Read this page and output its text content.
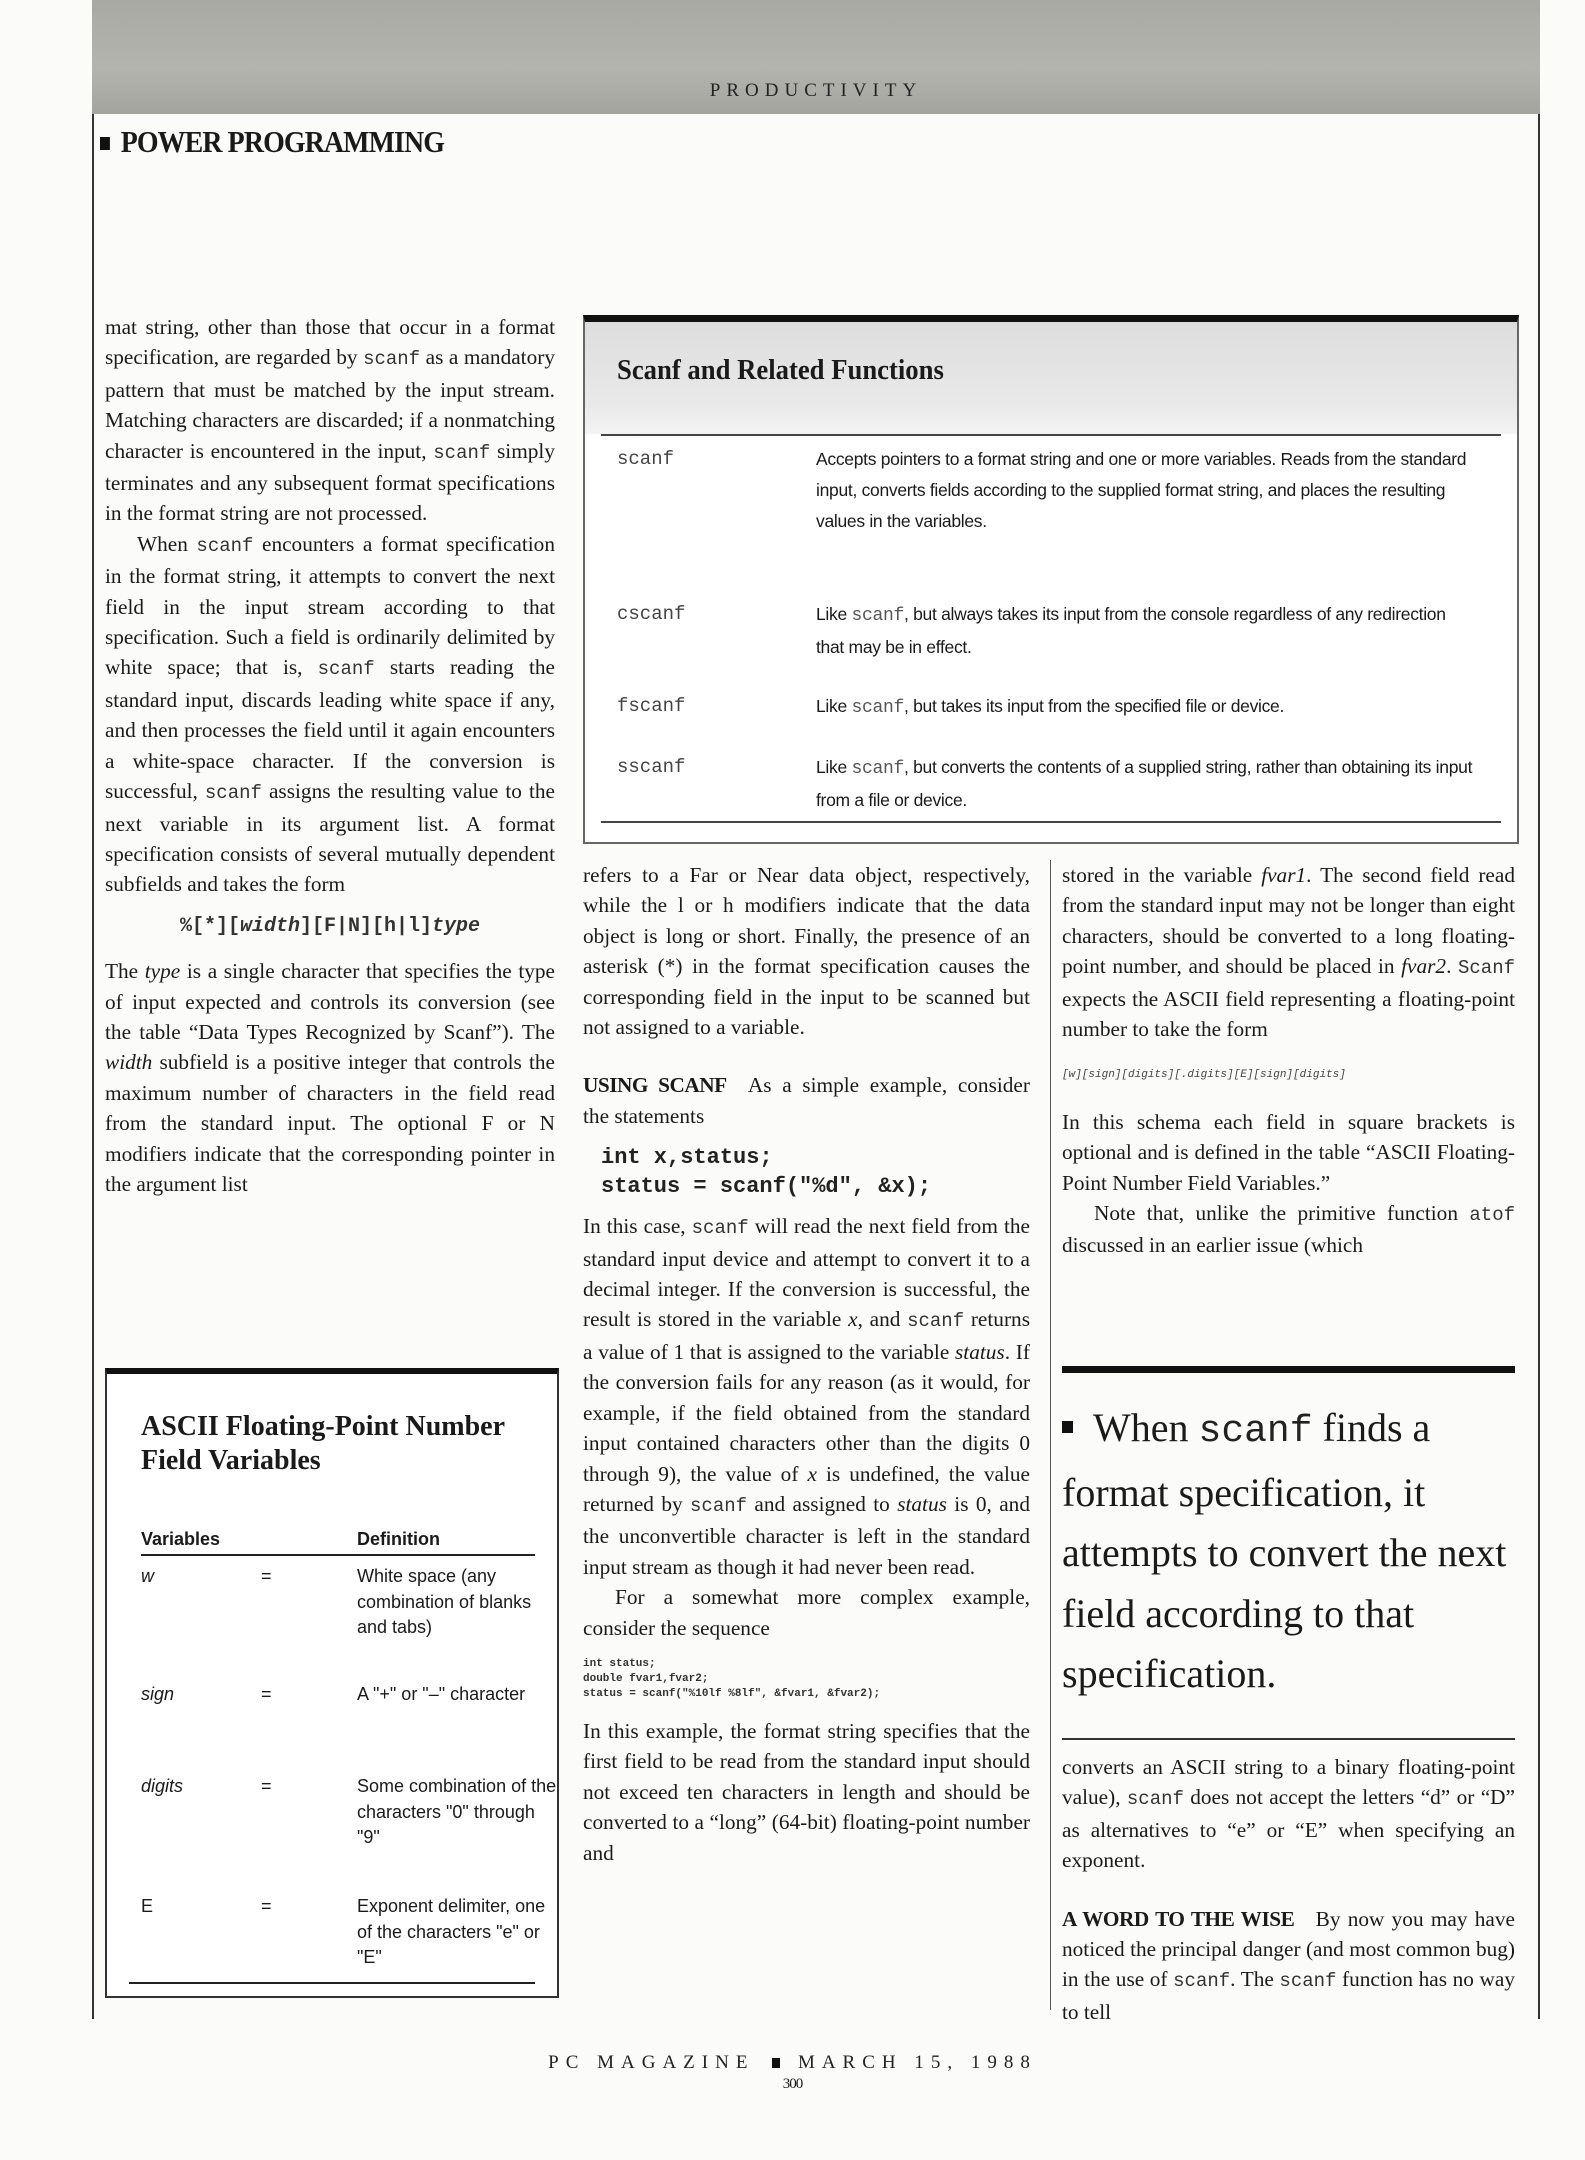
PRODUCTIVITY
POWER PROGRAMMING

mat string, other than those that occur in a format specification, are regarded by scanf as a mandatory pattern that must be matched by the input stream. Matching characters are discarded; if a nonmatching character is encountered in the input, scanf simply terminates and any subsequent format specifications in the format string are not processed.

When scanf encounters a format specification in the format string, it attempts to convert the next field in the input stream according to that specification. Such a field is ordinarily delimited by white space; that is, scanf starts reading the standard input, discards leading white space if any, and then processes the field until it again encounters a white-space character. If the conversion is successful, scanf assigns the resulting value to the next variable in its argument list. A format specification consists of several mutually dependent subfields and takes the form

%[*][width][F|N][h|l]type

The type is a single character that specifies the type of input expected and controls its conversion (see the table “Data Types Recognized by Scanf”). The width subfield is a positive integer that controls the maximum number of characters in the field read from the standard input. The optional F or N modifiers indicate that the corresponding pointer in the argument list

Scanf and Related Functions
scanf	Accepts pointers to a format string and one or more variables. Reads from the standard input, converts fields according to the supplied format string, and places the resulting values in the variables.
cscanf	Like scanf, but always takes its input from the console regardless of any redirection that may be in effect.
fscanf	Like scanf, but takes its input from the specified file or device.
sscanf	Like scanf, but converts the contents of a supplied string, rather than obtaining its input from a file or device.

refers to a Far or Near data object, respectively, while the l or h modifiers indicate that the data object is long or short. Finally, the presence of an asterisk (*) in the format specification causes the corresponding field in the input to be scanned but not assigned to a variable.

USING SCANF  As a simple example, consider the statements

int x,status;
status = scanf("%d", &x);

In this case, scanf will read the next field from the standard input device and attempt to convert it to a decimal integer. If the conversion is successful, the result is stored in the variable x, and scanf returns a value of 1 that is assigned to the variable status. If the conversion fails for any reason (as it would, for example, if the field obtained from the standard input contained characters other than the digits 0 through 9), the value of x is undefined, the value returned by scanf and assigned to status is 0, and the unconvertible character is left in the standard input stream as though it had never been read.

For a somewhat more complex example, consider the sequence

int status;
double fvar1,fvar2;
status = scanf("%10lf %8lf", &fvar1, &fvar2);

In this example, the format string specifies that the first field to be read from the standard input should not exceed ten characters in length and should be converted to a “long” (64-bit) floating-point number and

stored in the variable fvar1. The second field read from the standard input may not be longer than eight characters, should be converted to a long floating-point number, and should be placed in fvar2. Scanf expects the ASCII field representing a floating-point number to take the form

[w][sign][digits][.digits][E][sign][digits]

In this schema each field in square brackets is optional and is defined in the table “ASCII Floating-Point Number Field Variables.”

Note that, unlike the primitive function atof discussed in an earlier issue (which

When scanf finds a format specification, it attempts to convert the next field according to that specification.

converts an ASCII string to a binary floating-point value), scanf does not accept the letters “d” or “D” as alternatives to “e” or “E” when specifying an exponent.

A WORD TO THE WISE  By now you may have noticed the principal danger (and most common bug) in the use of scanf. The scanf function has no way to tell

ASCII Floating-Point Number Field Variables
Variables	Definition
w	=	White space (any combination of blanks and tabs)
sign	=	A "+" or "–" character
digits	=	Some combination of the characters "0" through "9"
E	=	Exponent delimiter, one of the characters "e" or "E"
PC MAGAZINE MARCH 15, 1988
300
